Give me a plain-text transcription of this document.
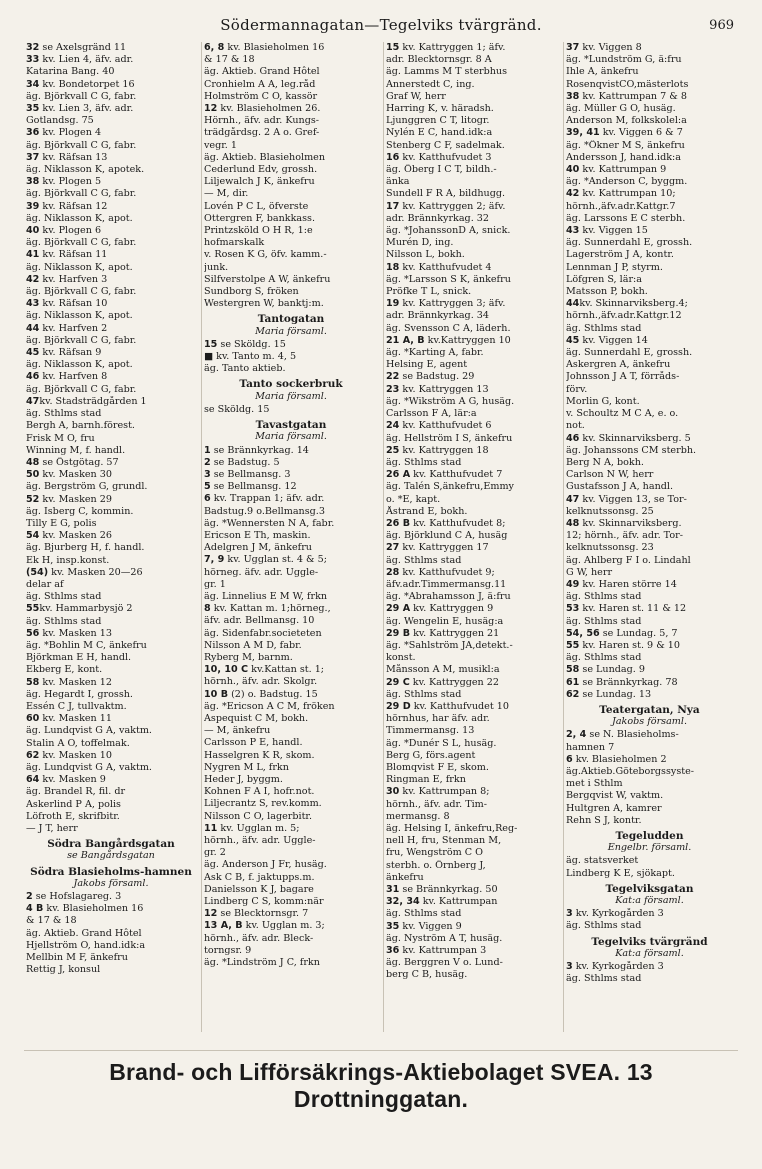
Södermannagatan—Tegelviks tvärgränd.	969
32 se Axelsgränd 11
33 kv. Lien 4, äfv. adr.
Katarina Bang. 40
34 kv. Bondetorpet 16
äg. Björkvall C G, fabr.
35 kv. Lien 3, äfv. adr.
Gotlandsg. 75
36 kv. Plogen 4
äg. Björkvall C G, fabr.
37 kv. Räfsan 13
äg. Niklasson K, apotek.
38 kv. Plogen 5
äg. Björkvall C G, fabr.
39 kv. Räfsan 12
äg. Niklasson K, apot.
40 kv. Plogen 6
äg. Björkvall C G, fabr.
41 kv. Räfsan 11
äg. Niklasson K, apot.
42 kv. Harfven 3
äg. Björkvall C G, fabr.
43 kv. Räfsan 10
äg. Niklasson K, apot.
44 kv. Harfven 2
äg. Björkvall C G, fabr.
45 kv. Räfsan 9
äg. Niklasson K, apot.
46 kv. Harfven 8
äg. Björkvall C G, fabr.
47kv. Stadsträdgården 1
äg. Sthlms stad
Bergh A, barnh.förest.
Frisk M O, fru
Winning M, f. handl.
48 se Östgötag. 57
50 kv. Masken 30
äg. Bergström G, grundl.
52 kv. Masken 29
äg. Isberg C, kommin.
Tilly E G, polis
54 kv. Masken 26
äg. Bjurberg H, f. handl.
Ek H, insp.konst.
(54) kv. Masken 20—26
delar af
äg. Sthlms stad
55kv. Hammarbysjö 2
äg. Sthlms stad
56 kv. Masken 13
äg. *Bohlin M C, änkefru
Björkman E H, handl.
Ekberg E, kont.
58 kv. Masken 12
äg. Hegardt I, grossh.
Essén C J, tullvaktm.
60 kv. Masken 11
äg. Lundqvist G A, vaktm.
Stalin A O, toffelmak.
62 kv. Masken 10
äg. Lundqvist G A, vaktm.
64 kv. Masken 9
äg. Brandel R, fil. dr
Askerlind P A, polis
Löfroth E, skrifbitr.
— J T, herr
Södra Bangårdsgatan
se Bangårdsgatan
Södra Blasieholms-hamnen
Jakobs församl.
2 se Hofslagareg. 3
4 B kv. Blasieholmen 16
& 17 & 18
äg. Aktieb. Grand Hôtel
Hjellström O, hand.idk:a
Mellbin M F, änkefru
Rettig J, konsul
6, 8 kv. Blasieholmen 16
& 17 & 18
äg. Aktieb. Grand Hôtel
Cronhielm A A, leg.råd
Holmström C O, kassör
12 kv. Blasieholmen 26.
Hörnh., äfv. adr. Kungs-
trädgårdsg. 2 A o. Gref-
vegr. 1
äg. Aktieb. Blasieholmen
Cederlund Edv, grossh.
Liljewalch J K, änkefru
— M, dir.
Lovén P C L, öfverste
Ottergren F, bankkass.
Printzsköld O H R, 1:e
hofmarskalk
v. Rosen K G, öfv. kamm.-
junk.
Silfverstolpe A W, änkefru
Sundborg S, fröken
Westergren W, banktj:m.
Tantogatan
Maria församl.
15 se Sköldg. 15
■ kv. Tanto m. 4, 5
äg. Tanto aktieb.
Tanto sockerbruk
Maria församl.
se Sköldg. 15
Tavastgatan
Maria församl.
1 se Brännkyrkag. 14
2 se Badstug. 5
3 se Bellmansg. 3
5 se Bellmansg. 12
6 kv. Trappan 1; äfv. adr.
Badstug.9 o.Bellmansg.3
äg. *Wennersten N A, fabr.
Ericson E Th, maskin.
Adelgren J M, änkefru
7, 9 kv. Ugglan st. 4 & 5;
hörneg. äfv. adr. Uggle-
gr. 1
äg. Linnelius E M W, frkn
8 kv. Kattan m. 1;hörneg.,
äfv. adr. Bellmansg. 10
äg. Sidenfabr.societeten
Nilsson A M D, fabr.
Ryberg M, barnm.
10, 10 C kv.Kattan st. 1;
hörnh., äfv. adr. Skolgr.
10 B (2) o. Badstug. 15
äg. *Ericson A C M, fröken
Aspequist C M, bokh.
— M, änkefru
Carlsson P E, handl.
Hasselgren K R, skom.
Nygren M L, frkn
Heder J, byggm.
Kohnen F A I, hofr.not.
Liljecrantz S, rev.komm.
Nilsson C O, lagerbitr.
11 kv. Ugglan m. 5;
hörnh., äfv. adr. Uggle-
gr. 2
äg. Anderson J Fr, husäg.
Ask C B, f. jaktupps.m.
Danielsson K J, bagare
Lindberg C S, komm:när
12 se Blecktornsgr. 7
13 A, B kv. Ugglan m. 3;
hörnh., äfv. adr. Bleck-
torngsr. 9
äg. *Lindström J C, frkn
15 kv. Kattryggen 1; äfv.
adr. Blecktornsgr. 8 A
äg. Lamms M T sterbhus
Annerstedt C, ing.
Graf W, herr
Harring K, v. häradsh.
Ljunggren C T, litogr.
Nylén E C, hand.idk:a
Stenberg C F, sadelmak.
16 kv. Katthufvudet 3
äg. Öberg I C T, bildh.-
änka
Sundell F R A, bildhugg.
17 kv. Kattryggen 2; äfv.
adr. Brännkyrkag. 32
äg. *JohanssonD A, snick.
Murén D, ing.
Nilsson L, bokh.
18 kv. Katthufvudet 4
äg. *Larsson S K, änkefru
Pröfke T L, snick.
19 kv. Kattryggen 3; äfv.
adr. Brännkyrkag. 34
äg. Svensson C A, läderh.
21 A, B kv.Kattryggen 10
äg. *Karting A, fabr.
Helsing E, agent
22 se Badstug. 29
23 kv. Kattryggen 13
äg. *Wikström A G, husäg.
Carlsson F A, lär:a
24 kv. Katthufvudet 6
äg. Hellström I S, änkefru
25 kv. Kattryggen 18
äg. Sthlms stad
26 A kv. Katthufvudet 7
äg. Talén S,änkefru,Emmy
o. *E, kapt.
Åstrand E, bokh.
26 B kv. Katthufvudet 8;
äg. Björklund C A, husäg
27 kv. Kattryggen 17
äg. Sthlms stad
28 kv. Katthufvudet 9;
äfv.adr.Timmermansg.11
äg. *Abrahamsson J, ä:fru
29 A kv. Kattryggen 9
äg. Wengelin E, husäg:a
29 B kv. Kattryggen 21
äg. *Sahlström JA,detekt.-
konst.
Månsson A M, musikl:a
29 C kv. Kattryggen 22
äg. Sthlms stad
29 D kv. Katthufvudet 10
hörnhus, har äfv. adr.
Timmermansg. 13
äg. *Dunér S L, husäg.
Berg G, förs.agent
Blomqvist F E, skom.
Ringman E, frkn
30 kv. Kattrumpan 8;
hörnh., äfv. adr. Tim-
mermansg. 8
äg. Helsing I, änkefru,Reg-
nell H, fru, Stenman M,
fru, Wengström C O
sterbh. o. Örnberg J,
änkefru
31 se Brännkyrkag. 50
32, 34 kv. Kattrumpan
äg. Sthlms stad
35 kv. Viggen 9
äg. Nyström A T, husäg.
36 kv. Kattrumpan 3
äg. Berggren V o. Lund-
berg C B, husäg.
37 kv. Viggen 8
äg. *Lundström G, ä:fru
Ihle A, änkefru
RosenqvistCO,mästerlots
38 kv. Kattrumpan 7 & 8
äg. Müller G O, husäg.
Anderson M, folkskolel:a
39, 41 kv. Viggen 6 & 7
äg. *Ökner M S, änkefru
Andersson J, hand.idk:a
40 kv. Kattrumpan 9
äg. *Anderson C, byggm.
42 kv. Kattrumpan 10;
hörnh.,äfv.adr.Kattgr.7
äg. Larssons E C sterbh.
43 kv. Viggen 15
äg. Sunnerdahl E, grossh.
Lagerström J A, kontr.
Lennman J P, styrm.
Löfgren S, lär:a
Matsson P, bokh.
44kv. Skinnarviksberg.4;
hörnh.,äfv.adr.Kattgr.12
äg. Sthlms stad
45 kv. Viggen 14
äg. Sunnerdahl E, grossh.
Askergren A, änkefru
Johnsson J A T, förråds-
förv.
Morlin G, kont.
v. Schoultz M C A, e. o.
not.
46 kv. Skinnarviksberg. 5
äg. Johanssons CM sterbh.
Berg N A, bokh.
Carlson N W, herr
Gustafsson J A, handl.
47 kv. Viggen 13, se Tor-
kelknutssonsg. 25
48 kv. Skinnarviksberg.
12; hörnh., äfv. adr. Tor-
kelknutssonsg. 23
äg. Ahlberg F I o. Lindahl
G W, herr
49 kv. Haren större 14
äg. Sthlms stad
53 kv. Haren st. 11 & 12
äg. Sthlms stad
54, 56 se Lundag. 5, 7
55 kv. Haren st. 9 & 10
äg. Sthlms stad
58 se Lundag. 9
61 se Brännkyrkag. 78
62 se Lundag. 13
Teatergatan, Nya
Jakobs församl.
2, 4 se N. Blasieholms-
hamnen 7
6 kv. Blasieholmen 2
äg.Aktieb.Göteborgssyste-
met i Sthlm
Bergqvist W, vaktm.
Hultgren A, kamrer
Rehn S J, kontr.
Tegeludden
Engelbr. församl.
äg. statsverket
Lindberg K E, sjökapt.
Tegelviksgatan
Kat:a församl.
3 kv. Kyrkogården 3
äg. Sthlms stad
Tegelviks tvärgränd
Kat:a församl.
3 kv. Kyrkogården 3
äg. Sthlms stad
Brand- och Lifförsäkrings-Aktiebolaget SVEA. 13 Drottninggatan.
